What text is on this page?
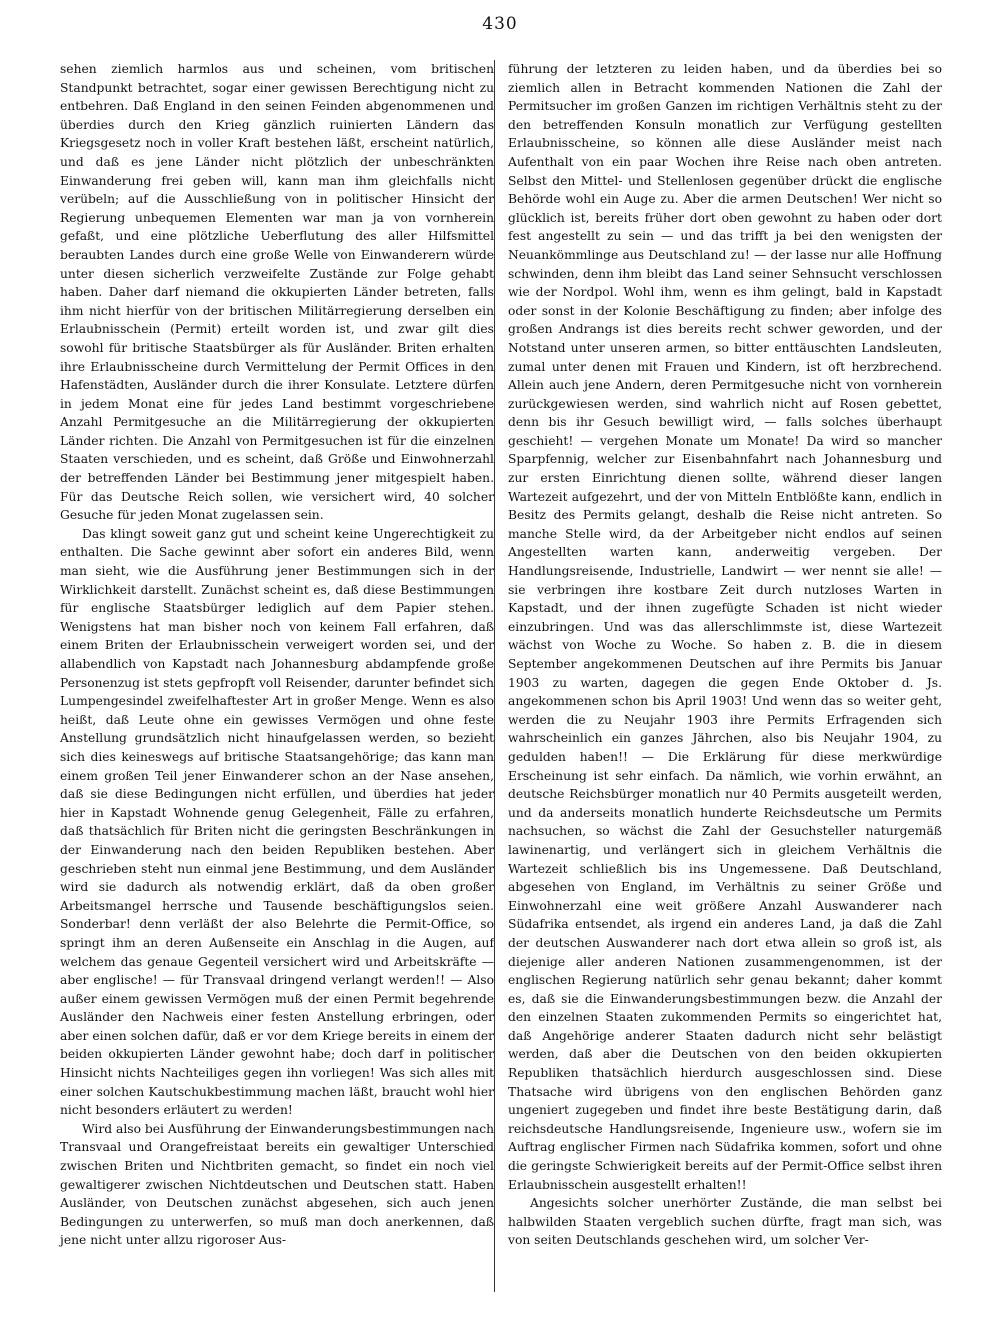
430

sehen ziemlich harmlos aus und scheinen, vom britischen Standpunkt betrachtet, sogar einer gewissen Berechtigung nicht zu entbehren. Daß England in den seinen Feinden abgenommenen und überdies durch den Krieg gänzlich ruinierten Ländern das Kriegsgesetz noch in voller Kraft bestehen läßt, erscheint natürlich, und daß es jene Länder nicht plötzlich der unbeschränkten Einwanderung frei geben will, kann man ihm gleichfalls nicht verübeln; auf die Ausschließung von in politischer Hinsicht der Regierung unbequemen Elementen war man ja von vornherein gefaßt, und eine plötzliche Ueberflutung des aller Hilfsmittel beraubten Landes durch eine große Welle von Einwanderern würde unter diesen sicherlich verzweifelte Zustände zur Folge gehabt haben. Daher darf niemand die okkupierten Länder betreten, falls ihm nicht hierfür von der britischen Militärregierung derselben ein Erlaubnisschein (Permit) erteilt worden ist, und zwar gilt dies sowohl für britische Staatsbürger als für Ausländer. Briten erhalten ihre Erlaubnisscheine durch Vermittelung der Permit Offices in den Hafenstädten, Ausländer durch die ihrer Konsulate. Letztere dürfen in jedem Monat eine für jedes Land bestimmt vorgeschriebene Anzahl Permitgesuche an die Militärregierung der okkupierten Länder richten. Die Anzahl von Permitgesuchen ist für die einzelnen Staaten verschieden, und es scheint, daß Größe und Einwohnerzahl der betreffenden Länder bei Bestimmung jener mitgespielt haben. Für das Deutsche Reich sollen, wie versichert wird, 40 solcher Gesuche für jeden Monat zugelassen sein.

Das klingt soweit ganz gut und scheint keine Ungerechtigkeit zu enthalten. Die Sache gewinnt aber sofort ein anderes Bild, wenn man sieht, wie die Ausführung jener Bestimmungen sich in der Wirklichkeit darstellt. Zunächst scheint es, daß diese Bestimmungen für englische Staatsbürger lediglich auf dem Papier stehen. Wenigstens hat man bisher noch von keinem Fall erfahren, daß einem Briten der Erlaubnisschein verweigert worden sei, und der allabendlich von Kapstadt nach Johannesburg abdampfende große Personenzug ist stets gepfropft voll Reisender, darunter befindet sich Lumpengesindel zweifelhaftester Art in großer Menge. Wenn es also heißt, daß Leute ohne ein gewisses Vermögen und ohne feste Anstellung grundsätzlich nicht hinaufgelassen werden, so bezieht sich dies keineswegs auf britische Staatsangehörige; das kann man einem großen Teil jener Einwanderer schon an der Nase ansehen, daß sie diese Bedingungen nicht erfüllen, und überdies hat jeder hier in Kapstadt Wohnende genug Gelegenheit, Fälle zu erfahren, daß thatsächlich für Briten nicht die geringsten Beschränkungen in der Einwanderung nach den beiden Republiken bestehen. Aber geschrieben steht nun einmal jene Bestimmung, und dem Ausländer wird sie dadurch als notwendig erklärt, daß da oben großer Arbeitsmangel herrsche und Tausende beschäftigungslos seien. Sonderbar! denn verläßt der also Belehrte die Permit-Office, so springt ihm an deren Außenseite ein Anschlag in die Augen, auf welchem das genaue Gegenteil versichert wird und Arbeitskräfte — aber englische! — für Transvaal dringend verlangt werden!! — Also außer einem gewissen Vermögen muß der einen Permit begehrende Ausländer den Nachweis einer festen Anstellung erbringen, oder aber einen solchen dafür, daß er vor dem Kriege bereits in einem der beiden okkupierten Länder gewohnt habe; doch darf in politischer Hinsicht nichts Nachteiliges gegen ihn vorliegen! Was sich alles mit einer solchen Kautschukbestimmung machen läßt, braucht wohl hier nicht besonders erläutert zu werden!

Wird also bei Ausführung der Einwanderungsbestimmungen nach Transvaal und Orangefreistaat bereits ein gewaltiger Unterschied zwischen Briten und Nichtbriten gemacht, so findet ein noch viel gewaltigerer zwischen Nichtdeutschen und Deutschen statt. Haben Ausländer, von Deutschen zunächst abgesehen, sich auch jenen Bedingungen zu unterwerfen, so muß man doch anerkennen, daß jene nicht unter allzu rigoroser Aus-

führung der letzteren zu leiden haben, und da überdies bei so ziemlich allen in Betracht kommenden Nationen die Zahl der Permitsucher im großen Ganzen im richtigen Verhältnis steht zu der den betreffenden Konsuln monatlich zur Verfügung gestellten Erlaubnisscheine, so können alle diese Ausländer meist nach Aufenthalt von ein paar Wochen ihre Reise nach oben antreten. Selbst den Mittel- und Stellenlosen gegenüber drückt die englische Behörde wohl ein Auge zu. Aber die armen Deutschen! Wer nicht so glücklich ist, bereits früher dort oben gewohnt zu haben oder dort fest angestellt zu sein — und das trifft ja bei den wenigsten der Neuankömmlinge aus Deutschland zu! — der lasse nur alle Hoffnung schwinden, denn ihm bleibt das Land seiner Sehnsucht verschlossen wie der Nordpol. Wohl ihm, wenn es ihm gelingt, bald in Kapstadt oder sonst in der Kolonie Beschäftigung zu finden; aber infolge des großen Andrangs ist dies bereits recht schwer geworden, und der Notstand unter unseren armen, so bitter enttäuschten Landsleuten, zumal unter denen mit Frauen und Kindern, ist oft herzbrechend. Allein auch jene Andern, deren Permitgesuche nicht von vornherein zurückgewiesen werden, sind wahrlich nicht auf Rosen gebettet, denn bis ihr Gesuch bewilligt wird, — falls solches überhaupt geschieht! — vergehen Monate um Monate! Da wird so mancher Sparpfennig, welcher zur Eisenbahnfahrt nach Johannesburg und zur ersten Einrichtung dienen sollte, während dieser langen Wartezeit aufgezehrt, und der von Mitteln Entblößte kann, endlich in Besitz des Permits gelangt, deshalb die Reise nicht antreten. So manche Stelle wird, da der Arbeitgeber nicht endlos auf seinen Angestellten warten kann, anderweitig vergeben. Der Handlungsreisende, Industrielle, Landwirt — wer nennt sie alle! — sie verbringen ihre kostbare Zeit durch nutzloses Warten in Kapstadt, und der ihnen zugefügte Schaden ist nicht wieder einzubringen. Und was das allerschlimmste ist, diese Wartezeit wächst von Woche zu Woche. So haben z. B. die in diesem September angekommenen Deutschen auf ihre Permits bis Januar 1903 zu warten, dagegen die gegen Ende Oktober d. Js. angekommenen schon bis April 1903! Und wenn das so weiter geht, werden die zu Neujahr 1903 ihre Permits Erfragenden sich wahrscheinlich ein ganzes Jährchen, also bis Neujahr 1904, zu gedulden haben!! — Die Erklärung für diese merkwürdige Erscheinung ist sehr einfach. Da nämlich, wie vorhin erwähnt, an deutsche Reichsbürger monatlich nur 40 Permits ausgeteilt werden, und da anderseits monatlich hunderte Reichsdeutsche um Permits nachsuchen, so wächst die Zahl der Gesuchsteller naturgemäß lawinenartig, und verlängert sich in gleichem Verhältnis die Wartezeit schließlich bis ins Ungemessene. Daß Deutschland, abgesehen von England, im Verhältnis zu seiner Größe und Einwohnerzahl eine weit größere Anzahl Auswanderer nach Südafrika entsendet, als irgend ein anderes Land, ja daß die Zahl der deutschen Auswanderer nach dort etwa allein so groß ist, als diejenige aller anderen Nationen zusammengenommen, ist der englischen Regierung natürlich sehr genau bekannt; daher kommt es, daß sie die Einwanderungsbestimmungen bezw. die Anzahl der den einzelnen Staaten zukommenden Permits so eingerichtet hat, daß Angehörige anderer Staaten dadurch nicht sehr belästigt werden, daß aber die Deutschen von den beiden okkupierten Republiken thatsächlich hierdurch ausgeschlossen sind. Diese Thatsache wird übrigens von den englischen Behörden ganz ungeniert zugegeben und findet ihre beste Bestätigung darin, daß reichsdeutsche Handlungsreisende, Ingenieure usw., wofern sie im Auftrag englischer Firmen nach Südafrika kommen, sofort und ohne die geringste Schwierigkeit bereits auf der Permit-Office selbst ihren Erlaubnisschein ausgestellt erhalten!!

Angesichts solcher unerhörter Zustände, die man selbst bei halbwilden Staaten vergeblich suchen dürfte, fragt man sich, was von seiten Deutschlands geschehen wird, um solcher Ver-
